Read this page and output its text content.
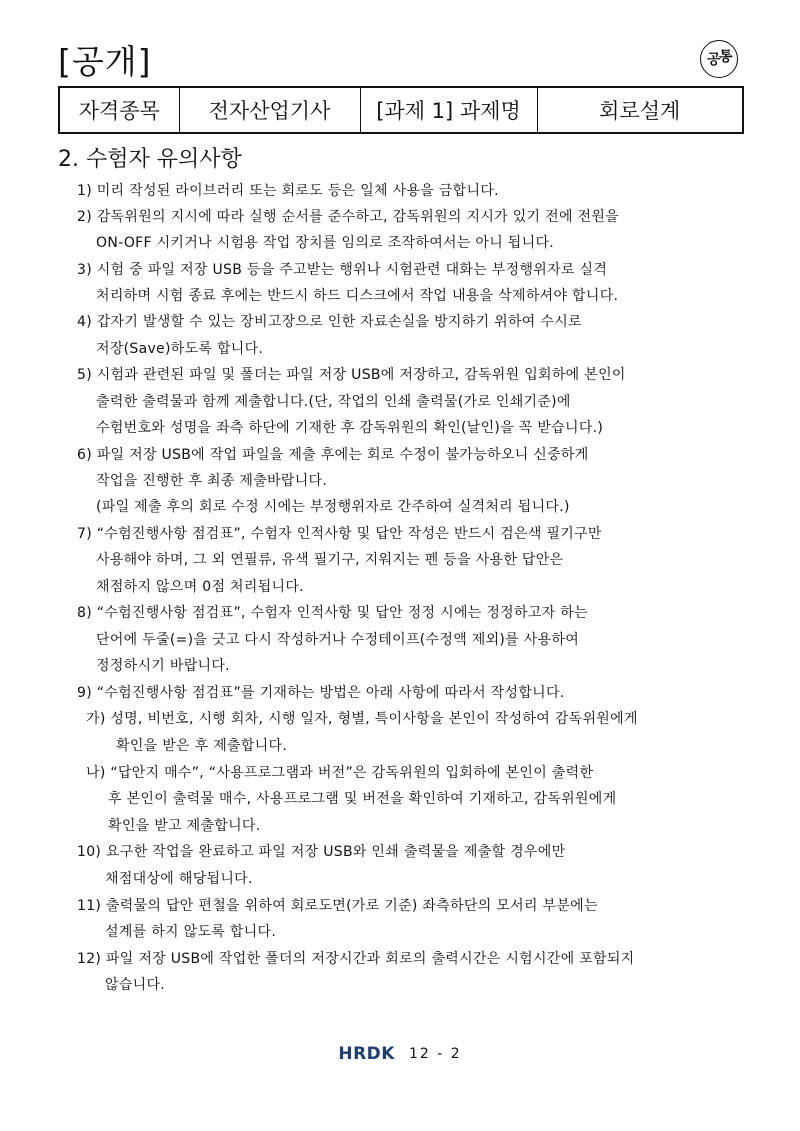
[공개]	공
통
자격종목	전자산업기사	[과제 1] 과제명	회로설계
2. 수험자 유의사항
1) 미리 작성된 라이브러리 또는 회로도 등은 일체 사용을 금합니다.
2) 감독위원의 지시에 따라 실행 순서를 준수하고, 감독위원의 지시가 있기 전에 전원을
ON-OFF 시키거나 시험용 작업 장치를 임의로 조작하여서는 아니 됩니다.
3) 시험 중 파일 저장 USB 등을 주고받는 행위나 시험관련 대화는 부정행위자로 실격
처리하며 시험 종료 후에는 반드시 하드 디스크에서 작업 내용을 삭제하셔야 합니다.
4) 갑자기 발생할 수 있는 장비고장으로 인한 자료손실을 방지하기 위하여 수시로
저장(Save)하도록 합니다.
5) 시험과 관련된 파일 및 폴더는 파일 저장 USB에 저장하고, 감독위원 입회하에 본인이
출력한 출력물과 함께 제출합니다.(단, 작업의 인쇄 출력물(가로 인쇄기준)에
수험번호와 성명을 좌측 하단에 기재한 후 감독위원의 확인(날인)을 꼭 받습니다.)
6) 파일 저장 USB에 작업 파일을 제출 후에는 회로 수정이 불가능하오니 신중하게
작업을 진행한 후 최종 제출바랍니다.
(파일 제출 후의 회로 수정 시에는 부정행위자로 간주하여 실격처리 됩니다.)
7) “수험진행사항 점검표”, 수험자 인적사항 및 답안 작성은 반드시 검은색 필기구만
사용해야 하며, 그 외 연필류, 유색 필기구, 지워지는 펜 등을 사용한 답안은
채점하지 않으며 0점 처리됩니다.
8) “수험진행사항 점검표”, 수험자 인적사항 및 답안 정정 시에는 정정하고자 하는
단어에 두줄(=)을 긋고 다시 작성하거나 수정테이프(수정액 제외)를 사용하여
정정하시기 바랍니다.
9) “수험진행사항 점검표”를 기재하는 방법은 아래 사항에 따라서 작성합니다.
가) 성명, 비번호, 시행 회차, 시행 일자, 형별, 특이사항을 본인이 작성하여 감독위원에게
확인을 받은 후 제출합니다.
나) “답안지 매수”, “사용프로그램과 버전”은 감독위원의 입회하에 본인이 출력한
후 본인이 출력물 매수, 사용프로그램 및 버전을 확인하여 기재하고, 감독위원에게
확인을 받고 제출합니다.
10) 요구한 작업을 완료하고 파일 저장 USB와 인쇄 출력물을 제출할 경우에만
채점대상에 해당됩니다.
11) 출력물의 답안 편철을 위하여 회로도면(가로 기준) 좌측하단의 모서리 부분에는
설계를 하지 않도록 합니다.
12) 파일 저장 USB에 작업한 폴더의 저장시간과 회로의 출력시간은 시험시간에 포함되지
않습니다.
HRDK 12 - 2
